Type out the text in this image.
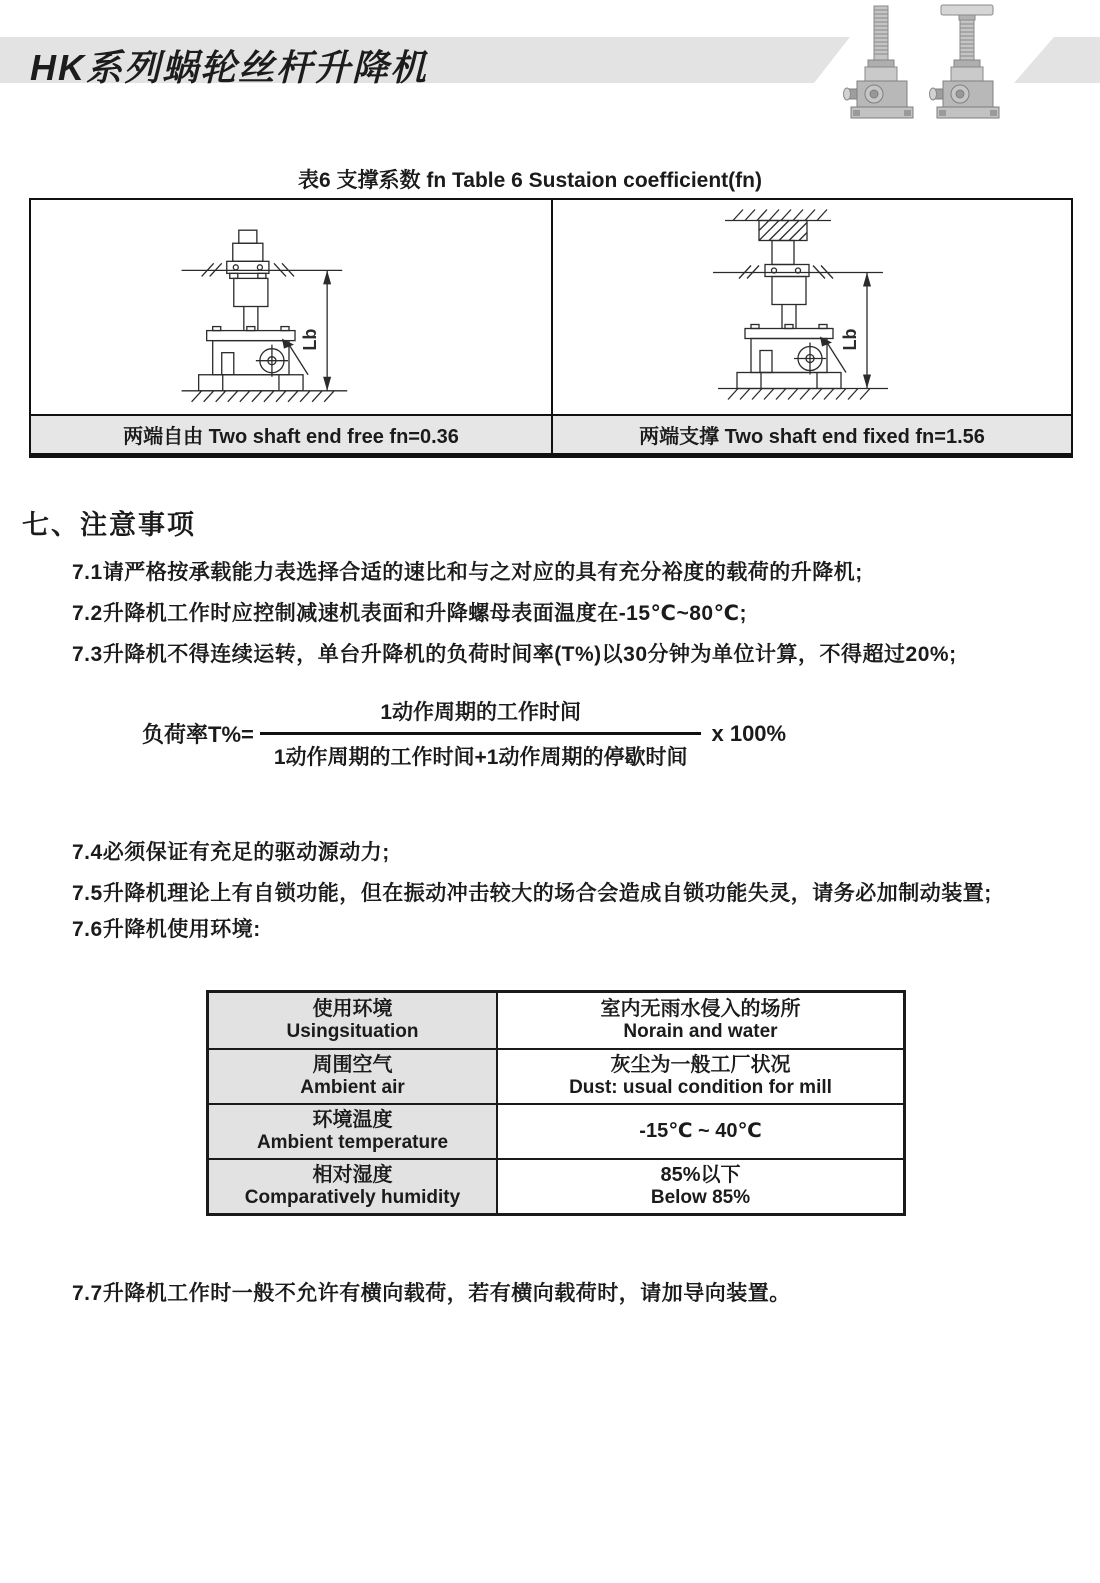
HK系列蜗轮丝杆升降机
表6 支撑系数 fn Table 6 Sustaion coefficient(fn)
Lb
两端自由 Two shaft end free fn=0.36
Lb
两端支撑 Two shaft end fixed fn=1.56
七、注意事项
7.1请严格按承载能力表选择合适的速比和与之对应的具有充分裕度的载荷的升降机;
7.2升降机工作时应控制减速机表面和升降螺母表面温度在-15℃~80℃;
7.3升降机不得连续运转，单台升降机的负荷时间率(T%)以30分钟为单位计算，不得超过20%;
负荷率$T\%= \frac{\text{1动作周期的工作时间}}{\text{1动作周期的工作时间+1动作周期的停歇时间}}$ x 100%
7.4必须保证有充足的驱动源动力;
7.5升降机理论上有自锁功能，但在振动冲击较大的场合会造成自锁功能失灵，请务必加制动装置;
7.6升降机使用环境:
使用环境
Usingsituation
室内无雨水侵入的场所
Norain and water
周围空气
Ambient air
灰尘为一般工厂状况
Dust: usual condition for mill
环境温度
Ambient temperature
-15℃ ~ 40℃
相对湿度
Comparatively humidity
85%以下
Below 85%
7.7升降机工作时一般不允许有横向载荷，若有横向载荷时，请加导向装置。
